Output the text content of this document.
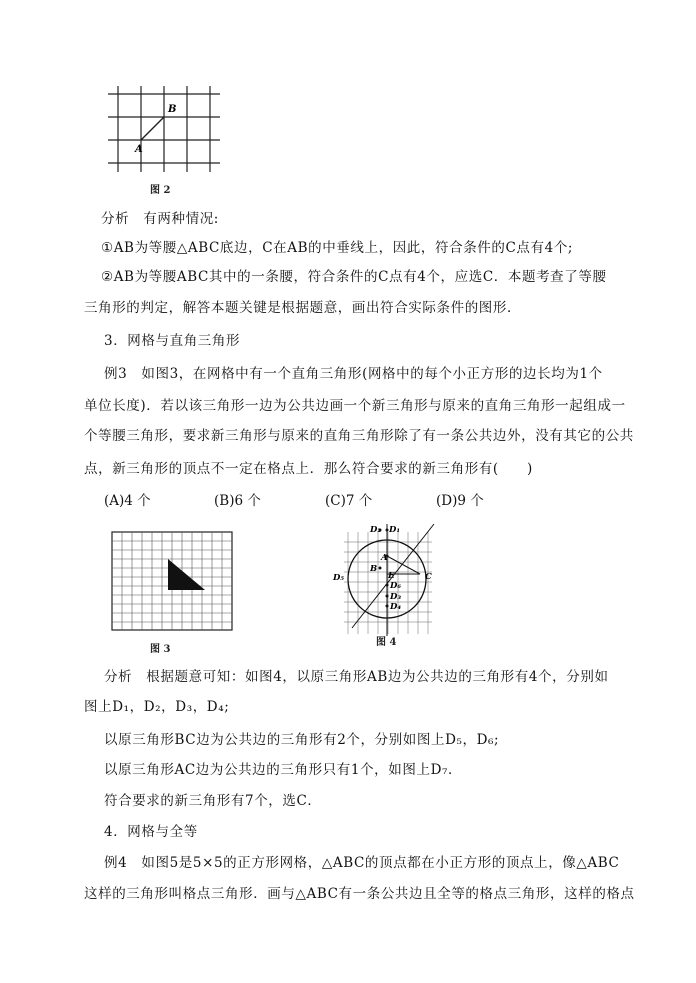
B
A
图 2
分析　有两种情况:
①AB为等腰△ABC底边，C在AB的中垂线上，因此，符合条件的C点有4个;
②AB为等腰ABC其中的一条腰，符合条件的C点有4个，应选C．本题考查了等腰
三角形的判定，解答本题关键是根据题意，画出符合实际条件的图形．
3．网格与直角三角形
例3　如图3，在网格中有一个直角三角形(网格中的每个小正方形的边长均为1个
单位长度)．若以该三角形一边为公共边画一个新三角形与原来的直角三角形一起组成一
个等腰三角形，要求新三角形与原来的直角三角形除了有一条公共边外，没有其它的公共
点，新三角形的顶点不一定在格点上．那么符合要求的新三角形有(　　)
(A)4 个	(B)6 个	(C)7 个	(D)9 个
图 3
D₂ D₁
A
B
E	C
D₅
D₆
D₃
D₄
图 4
分析　根据题意可知：如图4，以原三角形AB边为公共边的三角形有4个，分别如
图上D₁，D₂，D₃，D₄;
以原三角形BC边为公共边的三角形有2个，分别如图上D₅，D₆;
以原三角形AC边为公共边的三角形只有1个，如图上D₇．
符合要求的新三角形有7个，选C．
4．网格与全等
例4　如图5是5×5的正方形网格，△ABC的顶点都在小正方形的顶点上，像△ABC
这样的三角形叫格点三角形．画与△ABC有一条公共边且全等的格点三角形，这样的格点
